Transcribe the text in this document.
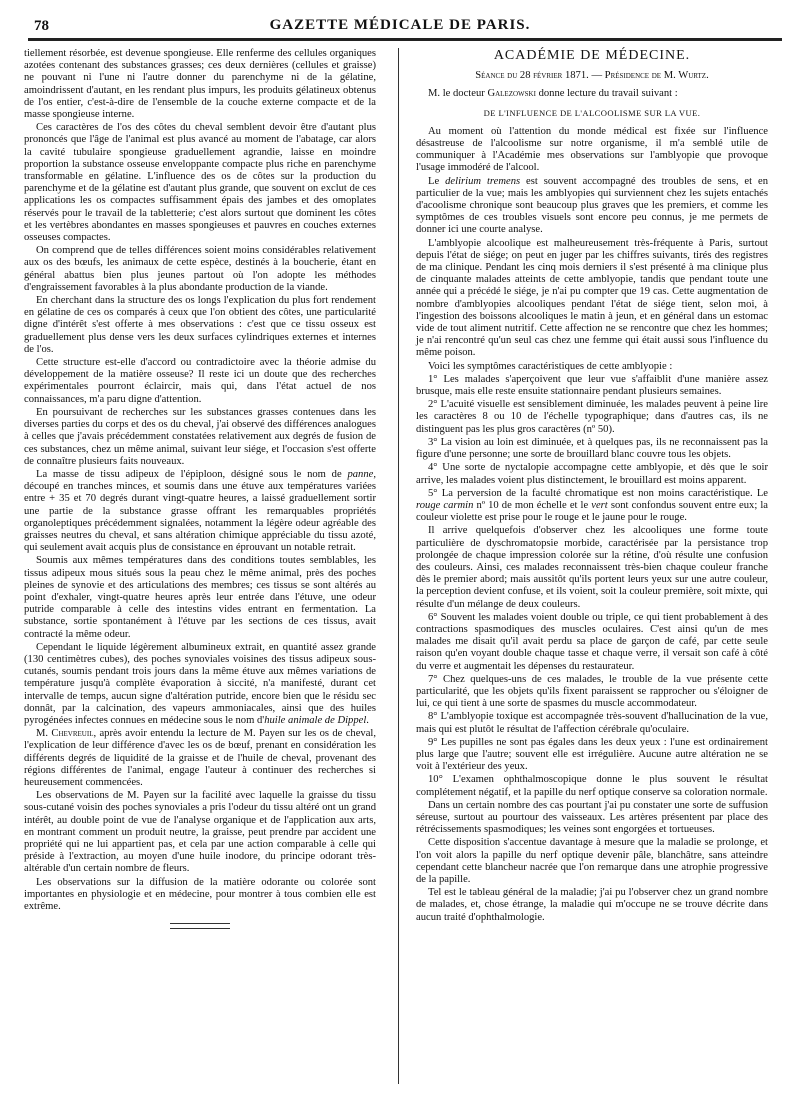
78	GAZETTE MÉDICALE DE PARIS.

tiellement résorbée, est devenue spongieuse. Elle renferme des cellules organiques azotées contenant des substances grasses; ces deux dernières (cellules et graisse) ne pouvant ni l'une ni l'autre donner du parenchyme ni de la gélatine, amoindrissent d'autant, en les rendant plus impurs, les produits gélatineux obtenus de l'os entier, c'est-à-dire de l'ensemble de la couche externe compacte et de la masse spongieuse interne.

Ces caractères de l'os des côtes du cheval semblent devoir être d'autant plus prononcés que l'âge de l'animal est plus avancé au moment de l'abatage, car alors la cavité tubulaire spongieuse graduellement agrandie, laisse en moindre proportion la substance osseuse enveloppante compacte plus riche en parenchyme transformable en gélatine. L'influence des os de côtes sur la production du parenchyme et de la gélatine est d'autant plus grande, que souvent on exclut de ces applications les os compactes suffisamment épais des jambes et des omoplates réservés pour le travail de la tabletterie; c'est alors surtout que dominent les côtes et les vertèbres abondantes en masses spongieuses et pauvres en couches externes osseuses compactes.

On comprend que de telles différences soient moins considérables relativement aux os des bœufs, les animaux de cette espèce, destinés à la boucherie, étant en général abattus bien plus jeunes partout où l'on adopte les méthodes d'engraissement favorables à la plus abondante production de la viande.

En cherchant dans la structure des os longs l'explication du plus fort rendement en gélatine de ces os comparés à ceux que l'on obtient des côtes, une particularité digne d'intérêt s'est offerte à mes observations : c'est que ce tissu osseux est graduellement plus dense vers les deux surfaces cylindriques externes et internes de l'os.

Cette structure est-elle d'accord ou contradictoire avec la théorie admise du développement de la matière osseuse? Il reste ici un doute que des recherches expérimentales pourront éclaircir, mais qui, dans l'état actuel de nos connaissances, m'a paru digne d'attention.

En poursuivant de recherches sur les substances grasses contenues dans les diverses parties du corps et des os du cheval, j'ai observé des différences analogues à celles que j'avais précédemment constatées relativement aux degrés de fusion de ces substances, chez un même animal, suivant leur siége, et l'occasion s'est offerte de connaître plusieurs faits nouveaux.

La masse de tissu adipeux de l'épiploon, désigné sous le nom de panne, découpé en tranches minces, et soumis dans une étuve aux températures variées entre + 35 et 70 degrés durant vingt-quatre heures, a laissé graduellement sortir une partie de la substance grasse offrant les remarquables propriétés organoleptiques précédemment signalées, notamment la légère odeur agréable des graisses neutres du cheval, et sans altération chimique appréciable du tissu azoté, qui seulement avait acquis plus de consistance en éprouvant un notable retrait.

Soumis aux mêmes températures dans des conditions toutes semblables, les tissus adipeux mous situés sous la peau chez le même animal, près des poches pleines de synovie et des articulations des membres; ces tissus se sont altérés au point d'exhaler, vingt-quatre heures après leur entrée dans l'étuve, une odeur putride comparable à celle des intestins vides entrant en fermentation. La substance, sortie spontanément à l'étuve par les sections de ces tissus, avait contracté la même odeur.

Cependant le liquide légèrement albumineux extrait, en quantité assez grande (130 centimètres cubes), des poches synoviales voisines des tissus adipeux sous-cutanés, soumis pendant trois jours dans la même étuve aux mêmes variations de température jusqu'à complète évaporation à siccité, n'a manifesté, durant cet intervalle de temps, aucun signe d'altération putride, encore bien que le résidu sec donnât, par la calcination, des vapeurs ammoniacales, ainsi que des huiles pyrogénées infectes connues en médecine sous le nom d'huile animale de Dippel.

M. Chevreuil, après avoir entendu la lecture de M. Payen sur les os de cheval, l'explication de leur différence d'avec les os de bœuf, prenant en considération les différents degrés de liquidité de la graisse et de l'huile de cheval, provenant des régions différentes de l'animal, engage l'auteur à continuer des recherches si heureusement commencées.

Les observations de M. Payen sur la facilité avec laquelle la graisse du tissu sous-cutané voisin des poches synoviales a pris l'odeur du tissu altéré ont un grand intérêt, au double point de vue de l'analyse organique et de l'application aux arts, en montrant comment un produit neutre, la graisse, peut prendre par accident une propriété qui ne lui appartient pas, et cela par une action comparable à celle qui préside à l'extraction, au moyen d'une huile inodore, du principe odorant très-altérable d'un certain nombre de fleurs.

Les observations sur la diffusion de la matière odorante ou colorée sont importantes en physiologie et en médecine, pour montrer à tous combien elle est extrême.

ACADÉMIE DE MÉDECINE.
Séance du 28 février 1871. — Présidence de M. Wurtz.

M. le docteur Galezowski donne lecture du travail suivant :

DE L'INFLUENCE DE L'ALCOOLISME SUR LA VUE.

Au moment où l'attention du monde médical est fixée sur l'influence désastreuse de l'alcoolisme sur notre organisme, il m'a semblé utile de communiquer à l'Académie mes observations sur l'amblyopie que provoque l'usage immodéré de l'alcool.

Le delirium tremens est souvent accompagné des troubles de sens, et en particulier de la vue; mais les amblyopies qui surviennent chez les sujets entachés d'acoolisme chronique sont beaucoup plus graves que les premiers, et comme les symptômes de ces troubles visuels sont encore peu connus, je me permets de donner ici une courte analyse.

L'amblyopie alcoolique est malheureusement très-fréquente à Paris, surtout depuis l'état de siége; on peut en juger par les chiffres suivants, tirés des registres de ma clinique. Pendant les cinq mois derniers il s'est présenté à ma clinique plus de cinquante malades atteints de cette amblyopie, tandis que pendant toute une année qui a précédé le siége, je n'ai pu compter que 19 cas. Cette augmentation de nombre d'amblyopies alcooliques pendant l'état de siége tient, selon moi, à l'ingestion des boissons alcooliques le matin à jeun, et en général dans un estomac vide de tout aliment nutritif. Cette affection ne se rencontre que chez les hommes; je n'ai rencontré qu'un seul cas chez une femme qui était aussi sous l'influence du même poison.

Voici les symptômes caractéristiques de cette amblyopie :

1° Les malades s'aperçoivent que leur vue s'affaiblit d'une manière assez brusque, mais elle reste ensuite stationnaire pendant plusieurs semaines.

2° L'acuité visuelle est sensiblement diminuée, les malades peuvent à peine lire les caractères 8 ou 10 de l'échelle typographique; dans d'autres cas, ils ne distinguent pas les plus gros caractères (nº 50).

3° La vision au loin est diminuée, et à quelques pas, ils ne reconnaissent pas la figure d'une personne; une sorte de brouillard blanc couvre tous les objets.

4° Une sorte de nyctalopie accompagne cette amblyopie, et dès que le soir arrive, les malades voient plus distinctement, le brouillard est moins apparent.

5° La perversion de la faculté chromatique est non moins caractéristique. Le rouge carmin nº 10 de mon échelle et le vert sont confondus souvent entre eux; la couleur violette est prise pour le rouge et le jaune pour le rouge.

Il arrive quelquefois d'observer chez les alcooliques une forme toute particulière de dyschromatopsie morbide, caractérisée par la persistance trop prolongée de chaque impression colorée sur la rétine, d'où résulte une confusion des couleurs. Ainsi, ces malades reconnaissent très-bien chaque couleur franche dès le premier abord; mais aussitôt qu'ils portent leurs yeux sur une autre couleur, la perception devient confuse, et ils voient, soit la couleur première, soit mixte, qui résulte d'un mélange de deux couleurs.

6° Souvent les malades voient double ou triple, ce qui tient probablement à des contractions spasmodiques des muscles oculaires. C'est ainsi qu'un de mes malades me disait qu'il avait perdu sa place de garçon de café, par cette seule raison qu'en voyant double chaque tasse et chaque verre, il versait son café à côté du verre et augmentait les dépenses du restaurateur.

7° Chez quelques-uns de ces malades, le trouble de la vue présente cette particularité, que les objets qu'ils fixent paraissent se rapprocher ou s'éloigner de lui, ce qui tient à une sorte de spasmes du muscle accommodateur.

8° L'amblyopie toxique est accompagnée très-souvent d'hallucination de la vue, mais qui est plutôt le résultat de l'affection cérébrale qu'oculaire.

9° Les pupilles ne sont pas égales dans les deux yeux : l'une est ordinairement plus large que l'autre; souvent elle est irrégulière. Aucune autre altération ne se voit à l'extérieur des yeux.

10° L'examen ophthalmoscopique donne le plus souvent le résultat complétement négatif, et la papille du nerf optique conserve sa coloration normale.

Dans un certain nombre des cas pourtant j'ai pu constater une sorte de suffusion séreuse, surtout au pourtour des vaisseaux. Les artères présentent par place des rétrécissements spasmodiques; les veines sont engorgées et tortueuses.

Cette disposition s'accentue davantage à mesure que la maladie se prolonge, et l'on voit alors la papille du nerf optique devenir pâle, blanchâtre, sans atteindre cependant cette blancheur nacrée que l'on remarque dans une atrophie progressive de la papille.

Tel est le tableau général de la maladie; j'ai pu l'observer chez un grand nombre de malades, et, chose étrange, la maladie qui m'occupe ne se trouve décrite dans aucun traité d'ophthalmologie.
